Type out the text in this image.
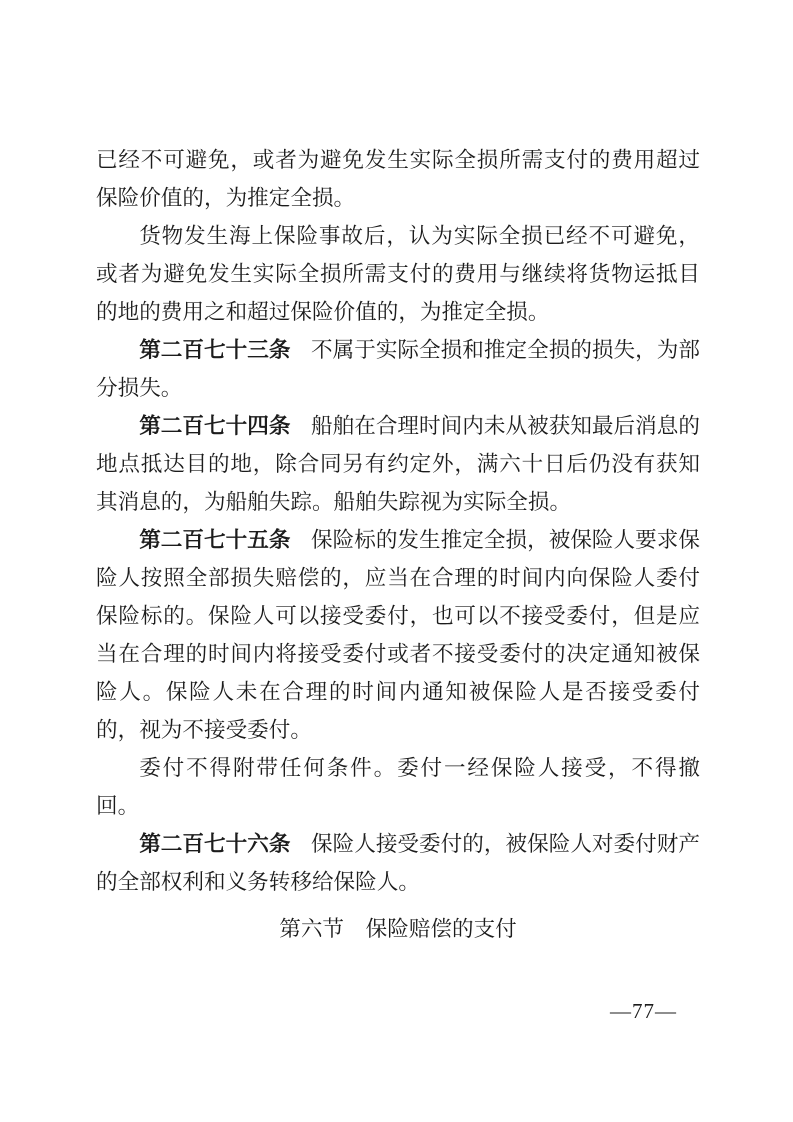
已经不可避免，或者为避免发生实际全损所需支付的费用超过保险价值的，为推定全损。

货物发生海上保险事故后，认为实际全损已经不可避免，或者为避免发生实际全损所需支付的费用与继续将货物运抵目的地的费用之和超过保险价值的，为推定全损。

第二百七十三条 不属于实际全损和推定全损的损失，为部分损失。

第二百七十四条 船舶在合理时间内未从被获知最后消息的地点抵达目的地，除合同另有约定外，满六十日后仍没有获知其消息的，为船舶失踪。船舶失踪视为实际全损。

第二百七十五条 保险标的发生推定全损，被保险人要求保险人按照全部损失赔偿的，应当在合理的时间内向保险人委付保险标的。保险人可以接受委付，也可以不接受委付，但是应当在合理的时间内将接受委付或者不接受委付的决定通知被保险人。保险人未在合理的时间内通知被保险人是否接受委付的，视为不接受委付。

委付不得附带任何条件。委付一经保险人接受，不得撤回。

第二百七十六条 保险人接受委付的，被保险人对委付财产的全部权利和义务转移给保险人。

第六节　保险赔偿的支付
—77—
